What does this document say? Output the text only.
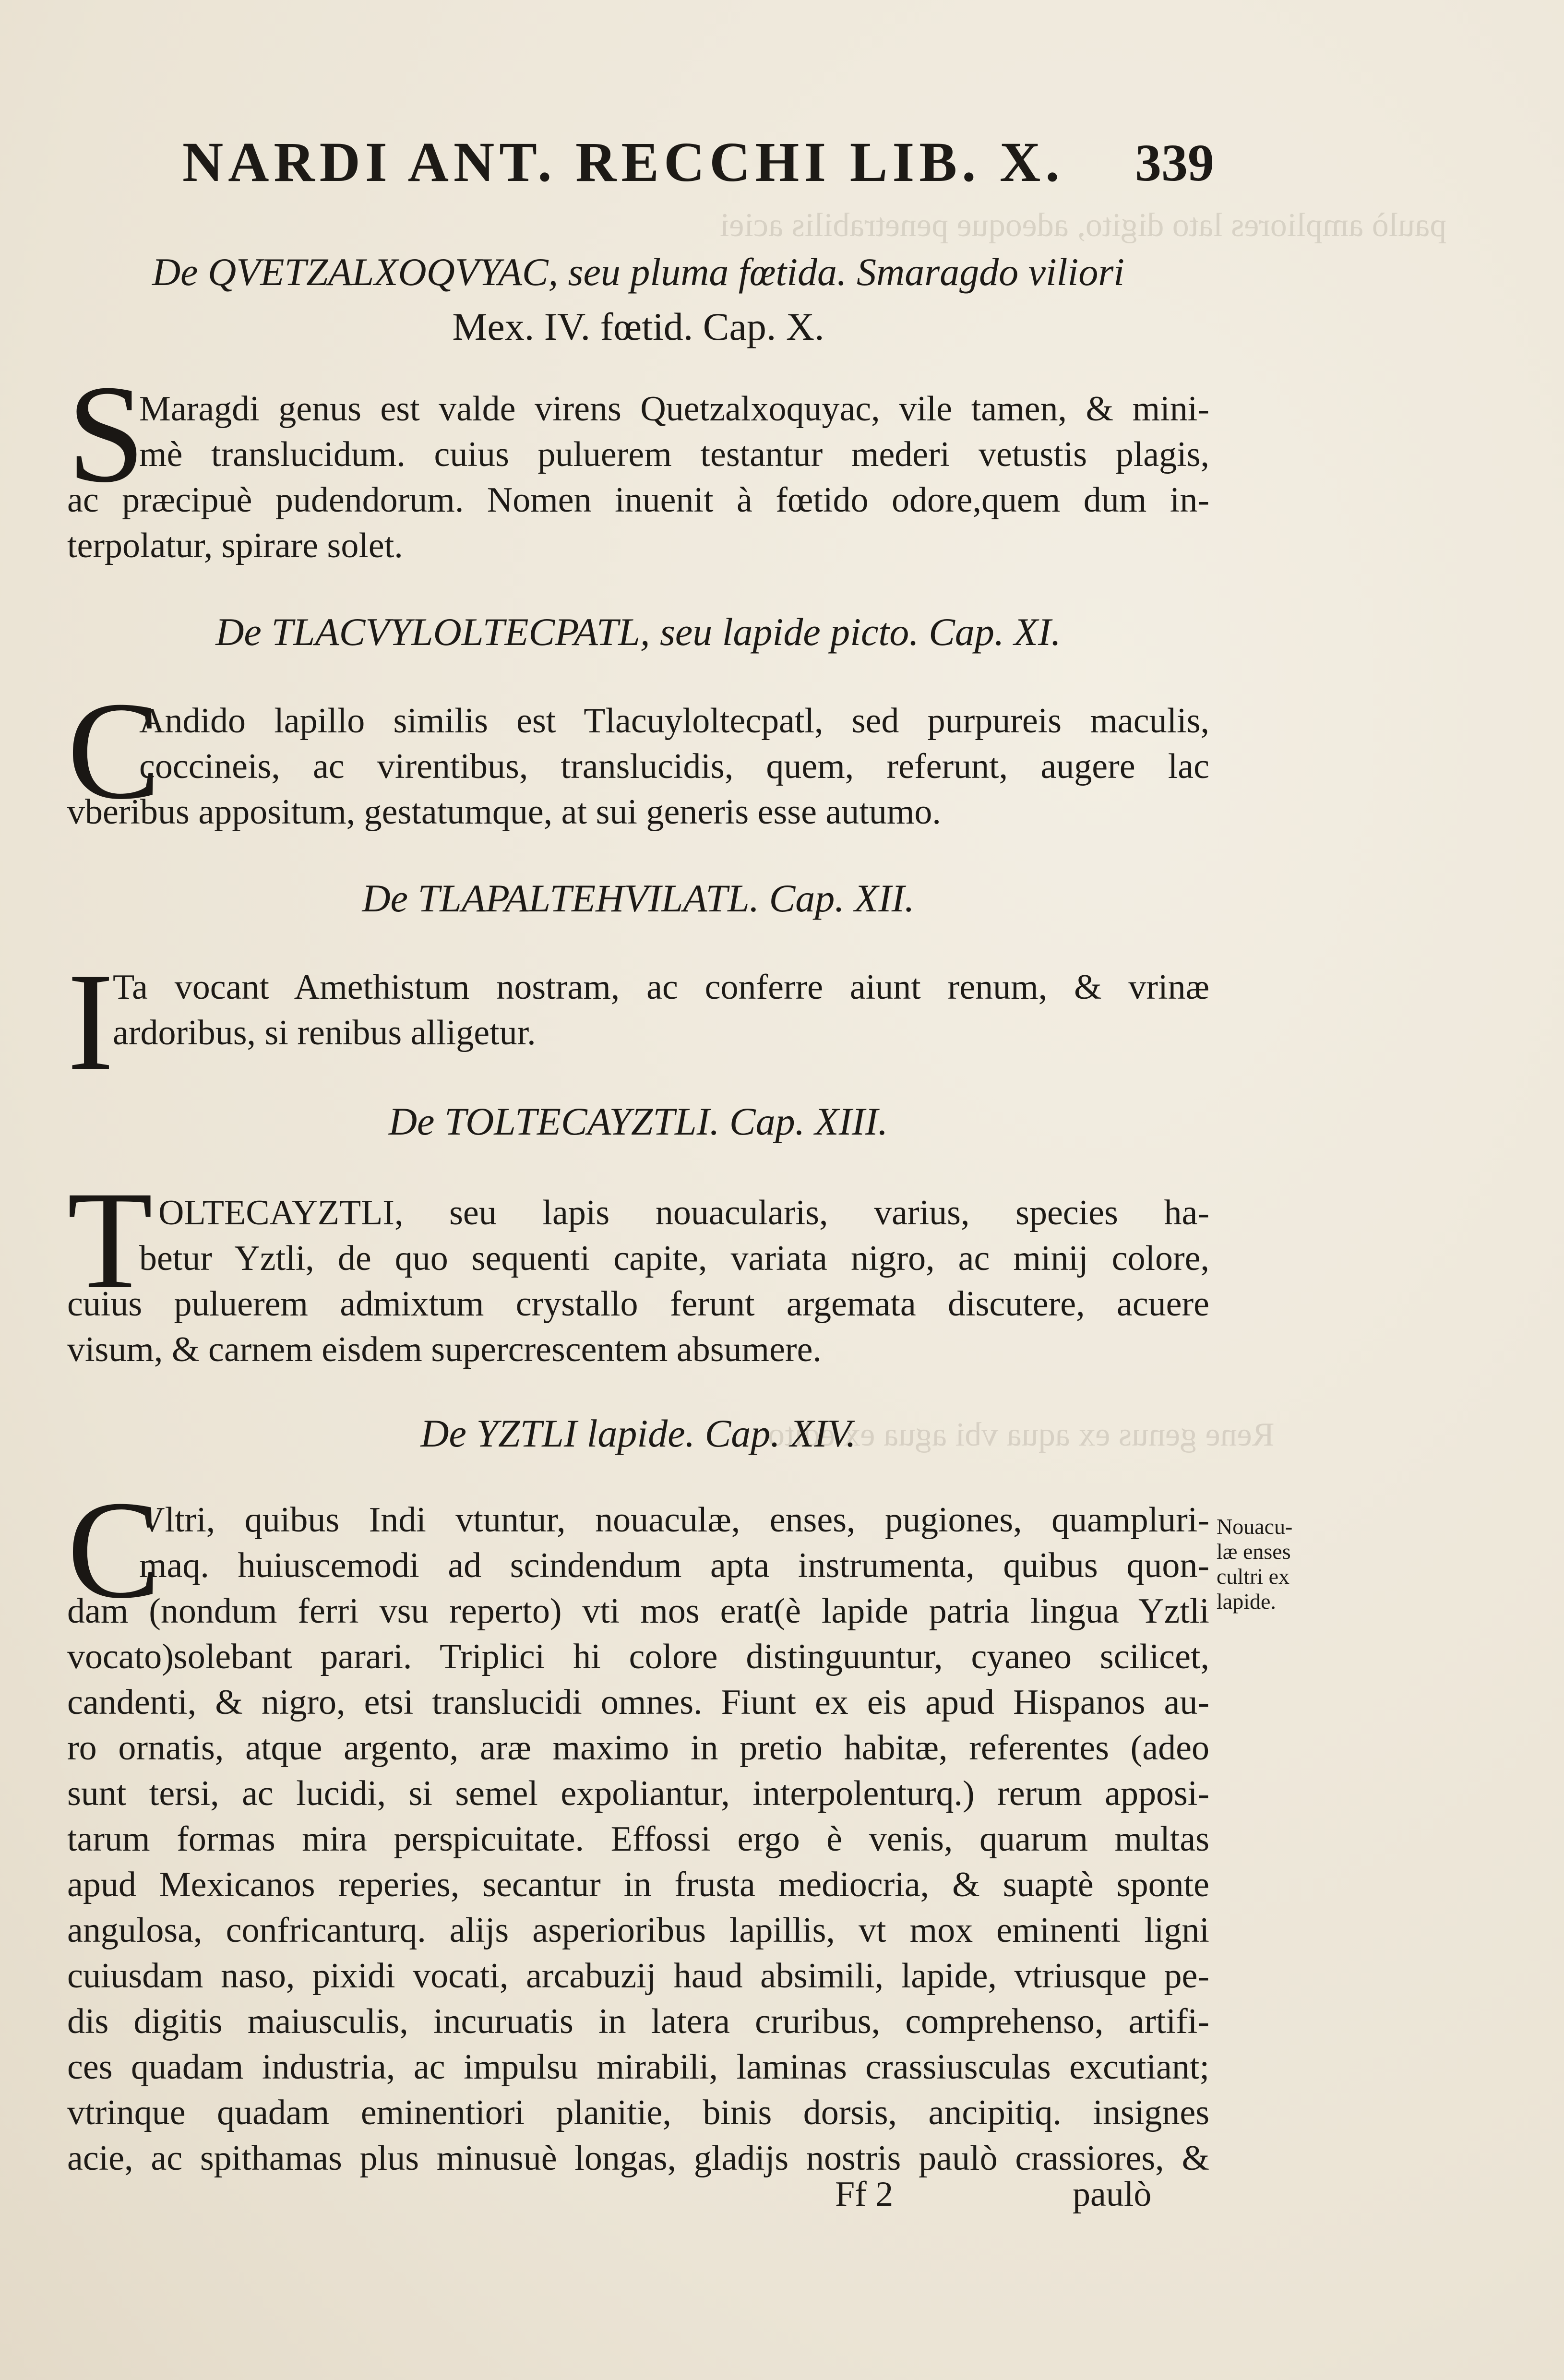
paulò ampliores lato digito, adeoque penetrabilis aciei
Rene genus ex aqua vbi agua ex edito
NARDI ANT. RECCHI LIB. X. 339
De QVETZALXOQVYAC, seu pluma fœtida. Smaragdo viliori
Mex. IV. fœtid. Cap. X.
S
Maragdi genus est valde virens Quetzalxoquyac, vile tamen, & mini-
mè translucidum. cuius puluerem testantur mederi vetustis plagis,
ac præcipuè pudendorum. Nomen inuenit à fœtido odore,quem dum in-
terpolatur, spirare solet.
De TLACVYLOLTECPATL, seu lapide picto. Cap. XI.
C
Andido lapillo similis est Tlacuyloltecpatl, sed purpureis maculis,
coccineis, ac virentibus, translucidis, quem, referunt, augere lac
vberibus appositum, gestatumque, at sui generis esse autumo.
De TLAPALTEHVILATL. Cap. XII.
I
Ta vocant Amethistum nostram, ac conferre aiunt renum, & vrinæ
ardoribus, si renibus alligetur.
De TOLTECAYZTLI. Cap. XIII.
T OLTECAYZTLI, seu lapis nouacularis, varius, species ha-
betur Yztli, de quo sequenti capite, variata nigro, ac minij colore,
cuius puluerem admixtum crystallo ferunt argemata discutere, acuere
visum, & carnem eisdem supercrescentem absumere.
De YZTLI lapide. Cap. XIV.
C
Vltri, quibus Indi vtuntur, nouaculæ, enses, pugiones, quampluri-
maq. huiuscemodi ad scindendum apta instrumenta, quibus quon-
dam (nondum ferri vsu reperto) vti mos erat(è lapide patria lingua Yztli
vocato)solebant parari. Triplici hi colore distinguuntur, cyaneo scilicet,
candenti, & nigro, etsi translucidi omnes. Fiunt ex eis apud Hispanos au-
ro ornatis, atque argento, aræ maximo in pretio habitæ, referentes (adeo
sunt tersi, ac lucidi, si semel expoliantur, interpolenturq.) rerum apposi-
tarum formas mira perspicuitate. Effossi ergo è venis, quarum multas
apud Mexicanos reperies, secantur in frusta mediocria, & suaptè sponte
angulosa, confricanturq. alijs asperioribus lapillis, vt mox eminenti ligni
cuiusdam naso, pixidi vocati, arcabuzij haud absimili, lapide, vtriusque pe-
dis digitis maiusculis, incuruatis in latera cruribus, comprehenso, artifi-
ces quadam industria, ac impulsu mirabili, laminas crassiusculas excutiant;
vtrinque quadam eminentiori planitie, binis dorsis, ancipitiq. insignes
acie, ac spithamas plus minusuè longas, gladijs nostris paulò crassiores, &
Nouacu-
læ enses
cultri ex
lapide.
Ff 2	paulò
